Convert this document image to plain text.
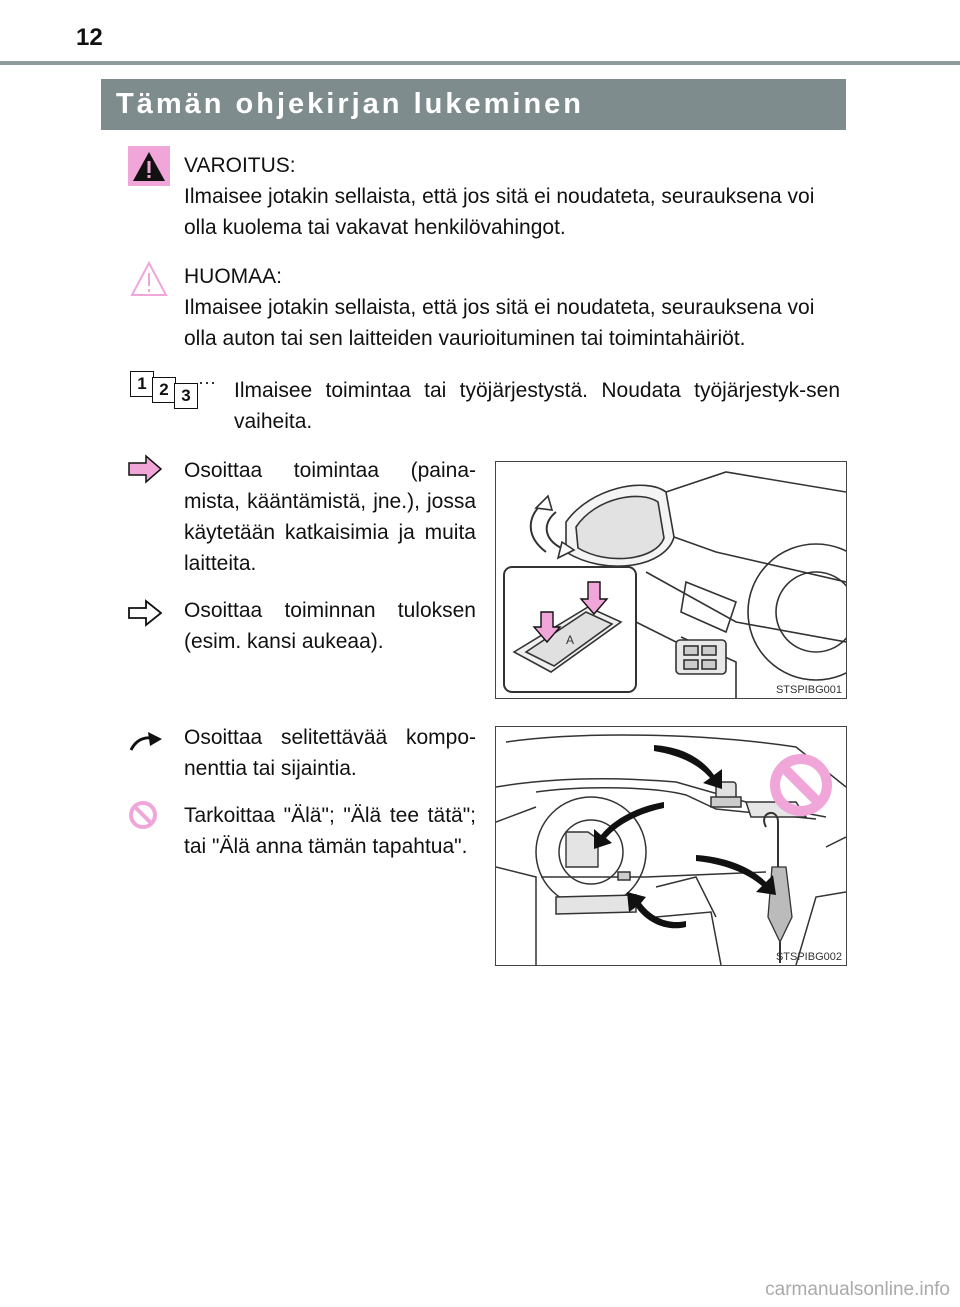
12
Tämän ohjekirjan lukeminen
VAROITUS:
Ilmaisee jotakin sellaista, että jos sitä ei noudateta, seurauksena voi olla kuolema tai vakavat henkilövahingot.
HUOMAA:
Ilmaisee jotakin sellaista, että jos sitä ei noudateta, seurauksena voi olla auton tai sen laitteiden vaurioituminen tai toimintahäiriöt.
1 2 3
··· Ilmaisee toimintaa tai työjärjestystä. Noudata työjärjestyk-sen vaiheita.
Osoittaa toimintaa (paina-mista, kääntämistä, jne.), jossa käytetään katkaisimia ja muita laitteita.
Osoittaa toiminnan tuloksen (esim. kansi aukeaa).	A
STSPIBG001
Osoittaa selitettävää kompo-nenttia tai sijaintia.
Tarkoittaa "Älä"; "Älä tee tätä"; tai "Älä anna tämän tapahtua".
STSPIBG002
carmanualsonline.info
